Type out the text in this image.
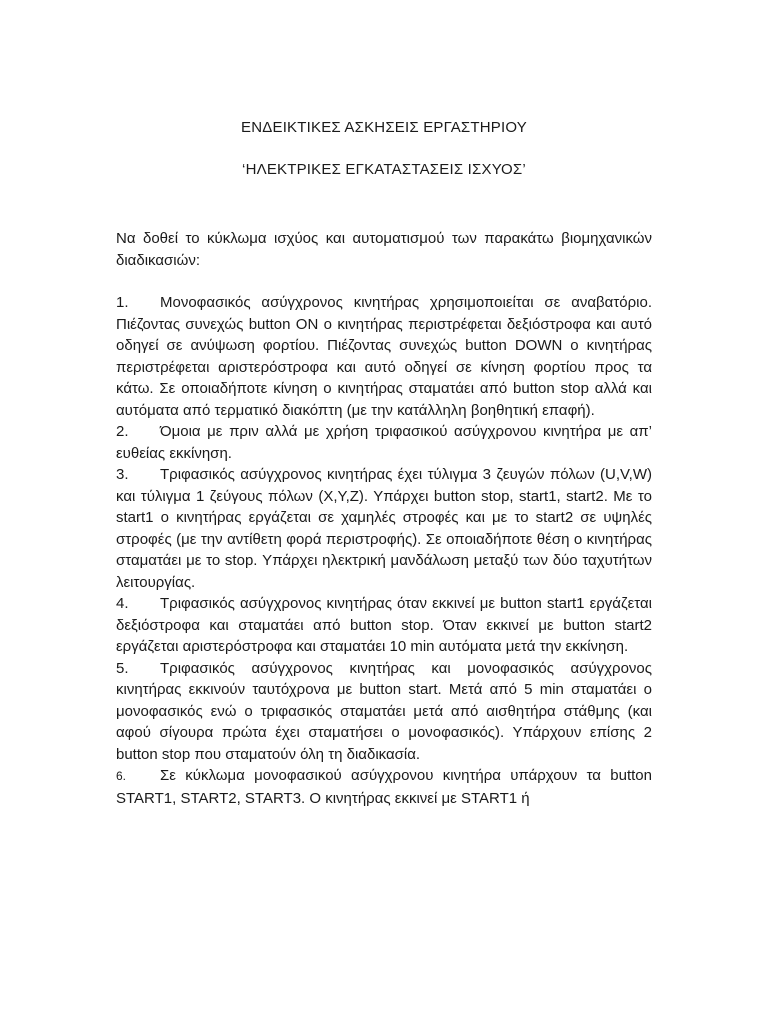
ΕΝΔΕΙΚΤΙΚΕΣ ΑΣΚΗΣΕΙΣ ΕΡΓΑΣΤΗΡΙΟΥ
‘ΗΛΕΚΤΡΙΚΕΣ ΕΓΚΑΤΑΣΤΑΣΕΙΣ ΙΣΧΥΟΣ’

Να δοθεί το κύκλωμα ισχύος και αυτοματισμού των παρακάτω βιομηχανικών διαδικασιών:

1. Μονοφασικός ασύγχρονος κινητήρας χρησιμοποιείται σε αναβατόριο. Πιέζοντας συνεχώς button ON ο κινητήρας περιστρέφεται δεξιόστροφα και αυτό οδηγεί σε ανύψωση φορτίου. Πιέζοντας συνεχώς button DOWN ο κινητήρας περιστρέφεται αριστερόστροφα και αυτό οδηγεί σε κίνηση φορτίου προς τα κάτω. Σε οποιαδήποτε κίνηση ο κινητήρας σταματάει από button stop αλλά και αυτόματα από τερματικό διακόπτη (με την κατάλληλη βοηθητική επαφή).

2. Όμοια με πριν αλλά με χρήση τριφασικού ασύγχρονου κινητήρα με απ’ ευθείας εκκίνηση.

3. Τριφασικός ασύγχρονος κινητήρας έχει τύλιγμα 3 ζευγών πόλων (U,V,W) και τύλιγμα 1 ζεύγους πόλων (X,Y,Z). Υπάρχει button stop, start1, start2. Με το start1 ο κινητήρας εργάζεται σε χαμηλές στροφές και με το start2 σε υψηλές στροφές (με την αντίθετη φορά περιστροφής). Σε οποιαδήποτε θέση ο κινητήρας σταματάει με το stop. Υπάρχει ηλεκτρική μανδάλωση μεταξύ των δύο ταχυτήτων λειτουργίας.

4. Τριφασικός ασύγχρονος κινητήρας όταν εκκινεί με button start1 εργάζεται δεξιόστροφα και σταματάει από button stop. Όταν εκκινεί με button start2 εργάζεται αριστερόστροφα και σταματάει 10 min αυτόματα μετά την εκκίνηση.

5. Τριφασικός ασύγχρονος κινητήρας και μονοφασικός ασύγχρονος κινητήρας εκκινούν ταυτόχρονα με button start. Μετά από 5 min σταματάει ο μονοφασικός ενώ ο τριφασικός σταματάει μετά από αισθητήρα στάθμης (και αφού σίγουρα πρώτα έχει σταματήσει ο μονοφασικός). Υπάρχουν επίσης 2 button stop που σταματούν όλη τη διαδικασία.

6. Σε κύκλωμα μονοφασικού ασύγχρονου κινητήρα υπάρχουν τα button START1, START2, START3. Ο κινητήρας εκκινεί με START1 ή
